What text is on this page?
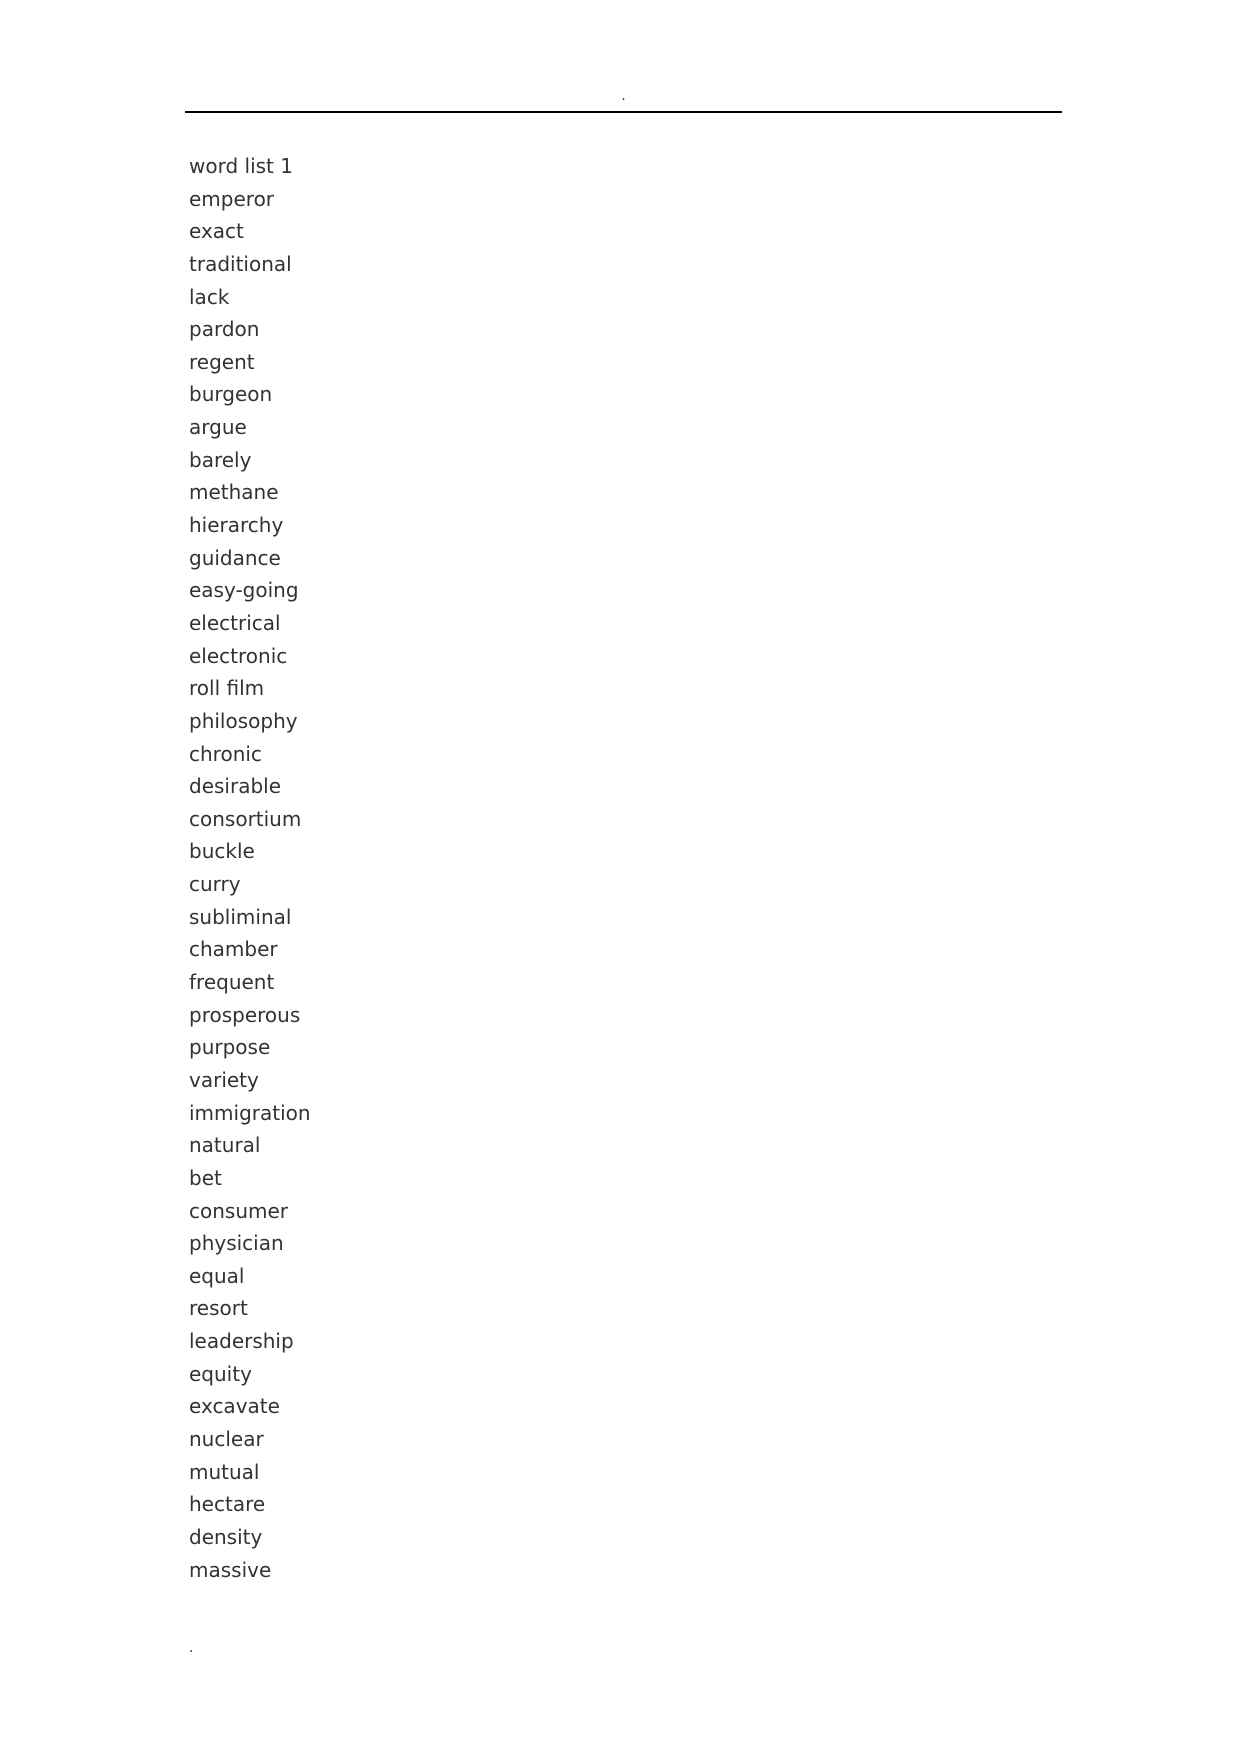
.
word list 1
emperor
exact
traditional
lack
pardon
regent
burgeon
argue
barely
methane
hierarchy
guidance
easy-going
electrical
electronic
roll film
philosophy
chronic
desirable
consortium
buckle
curry
subliminal
chamber
frequent
prosperous
purpose
variety
immigration
natural
bet
consumer
physician
equal
resort
leadership
equity
excavate
nuclear
mutual
hectare
density
massive
.
